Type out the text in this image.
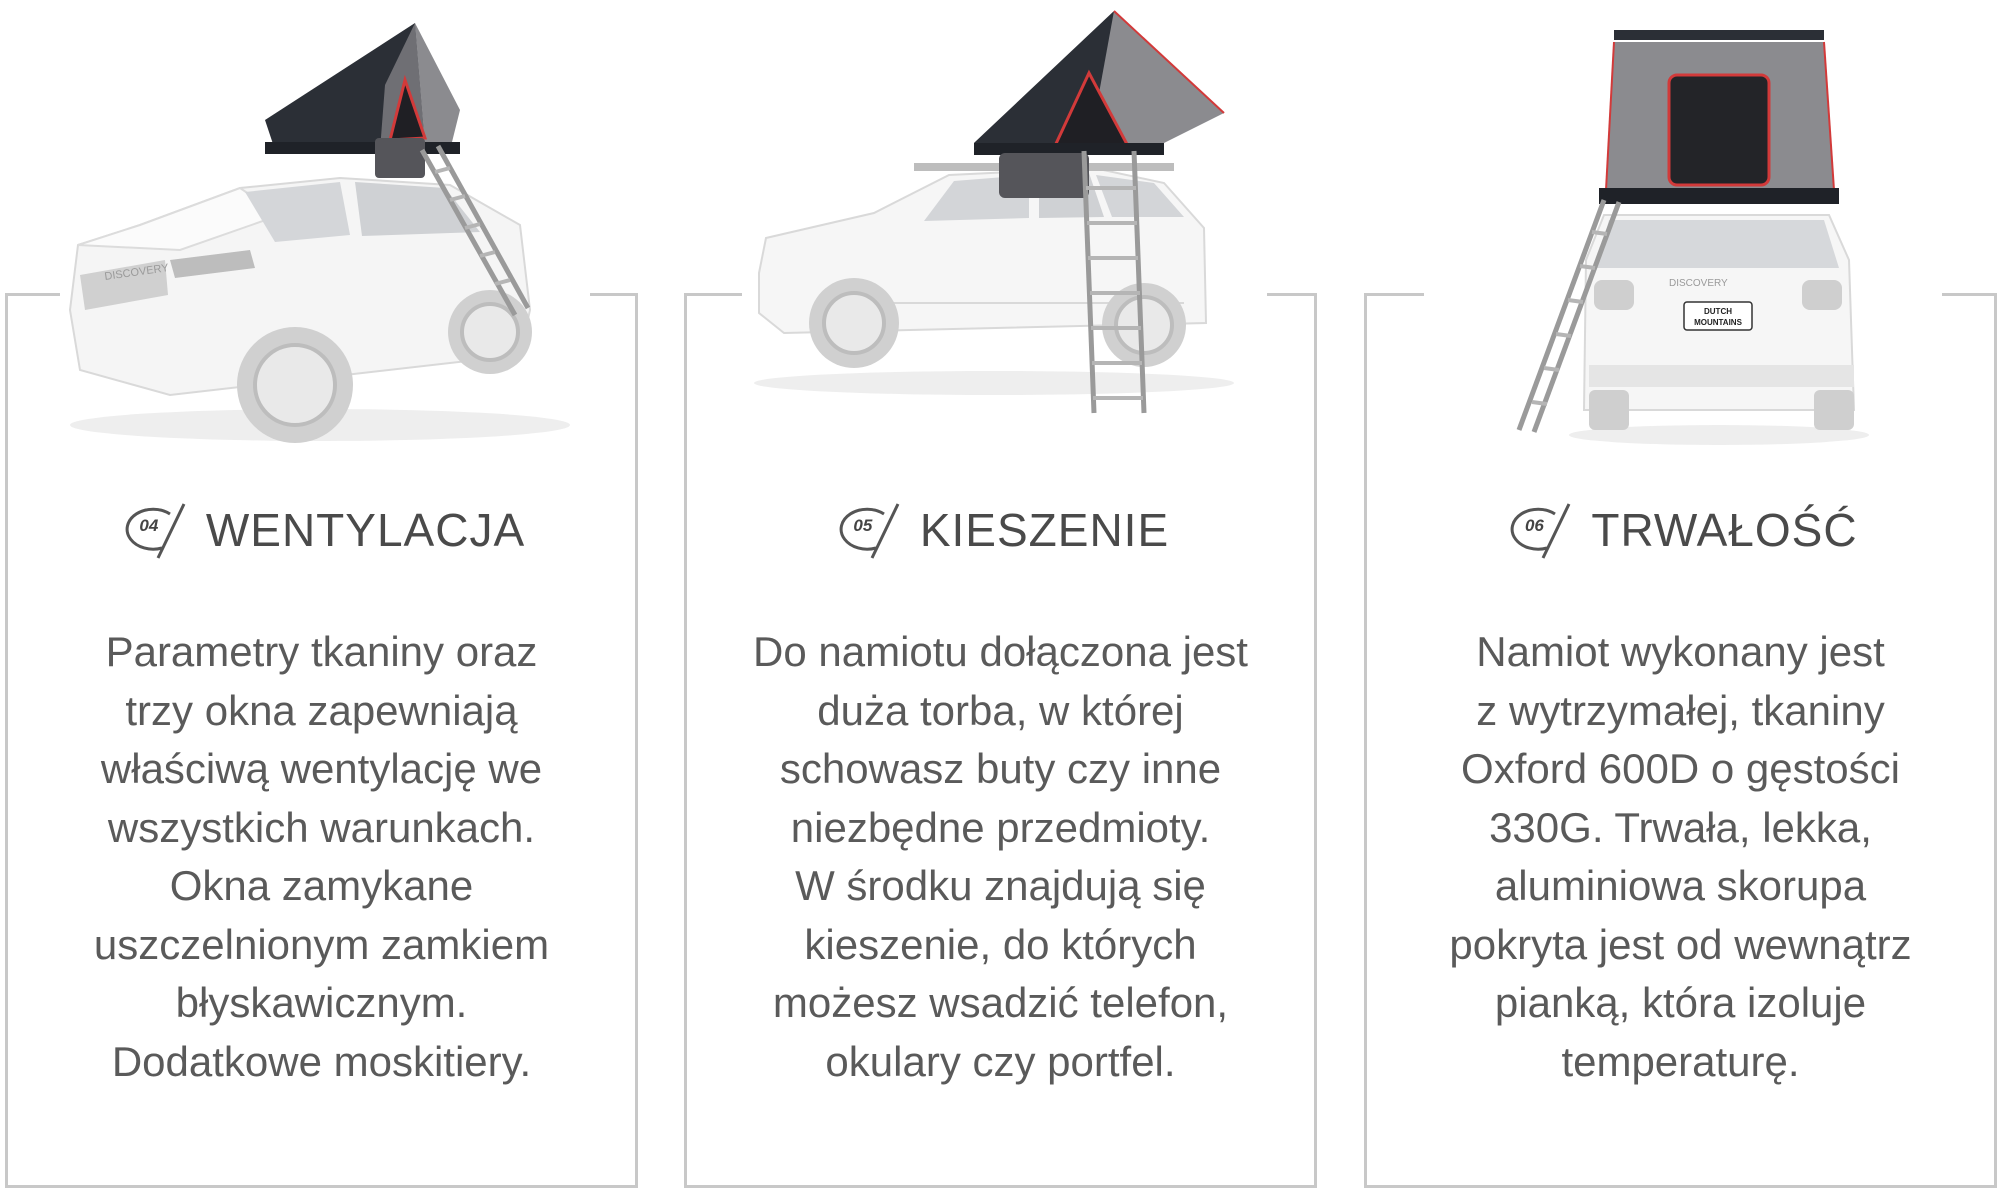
DISCOVERY
04	WENTYLACJA
Parametry tkaniny oraz
trzy okna zapewniają
właściwą wentylację we
wszystkich warunkach.
Okna zamykane
uszczelnionym zamkiem
błyskawicznym.
Dodatkowe moskitiery.
05	KIESZENIE
Do namiotu dołączona jest
duża torba, w której
schowasz buty czy inne
niezbędne przedmioty.
W środku znajdują się
kieszenie, do których
możesz wsadzić telefon,
okulary czy portfel.
DISCOVERY
DUTCH
MOUNTAINS
06	TRWAŁOŚĆ
Namiot wykonany jest
z wytrzymałej, tkaniny
Oxford 600D o gęstości
330G. Trwała, lekka,
aluminiowa skorupa
pokryta jest od wewnątrz
pianką, która izoluje
temperaturę.
